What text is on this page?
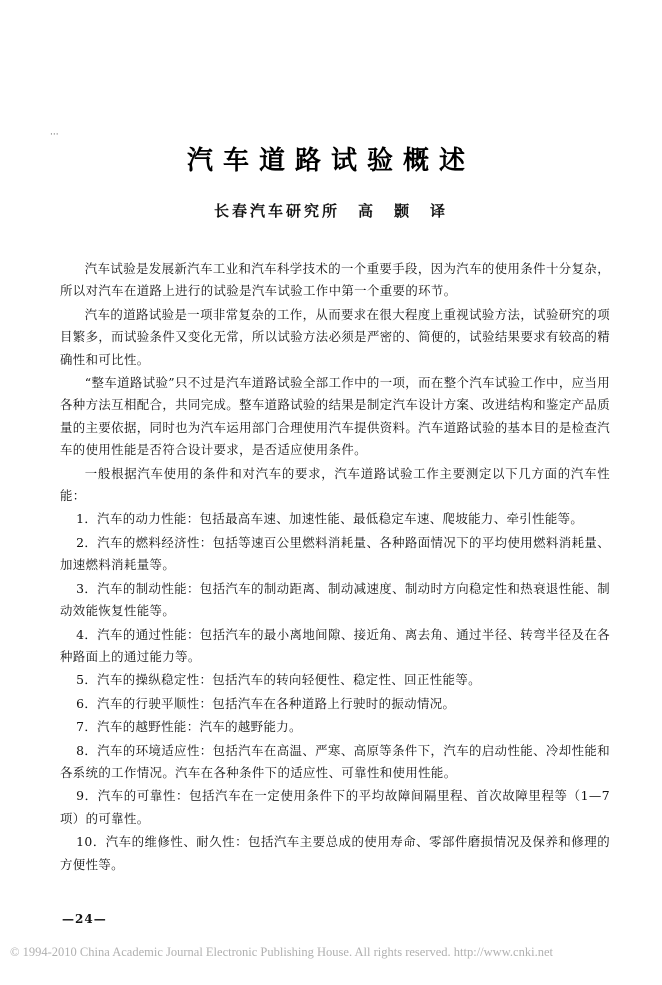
···
汽车道路试验概述
长春汽车研究所　高　颢　译

汽车试验是发展新汽车工业和汽车科学技术的一个重要手段，因为汽车的使用条件十分复杂，所以对汽车在道路上进行的试验是汽车试验工作中第一个重要的环节。

汽车的道路试验是一项非常复杂的工作，从而要求在很大程度上重视试验方法，试验研究的项目繁多，而试验条件又变化无常，所以试验方法必须是严密的、简便的，试验结果要求有较高的精确性和可比性。

“整车道路试验”只不过是汽车道路试验全部工作中的一项，而在整个汽车试验工作中，应当用各种方法互相配合，共同完成。整车道路试验的结果是制定汽车设计方案、改进结构和鉴定产品质量的主要依据，同时也为汽车运用部门合理使用汽车提供资料。汽车道路试验的基本目的是检查汽车的使用性能是否符合设计要求，是否适应使用条件。

一般根据汽车使用的条件和对汽车的要求，汽车道路试验工作主要测定以下几方面的汽车性能：

1．汽车的动力性能：包括最高车速、加速性能、最低稳定车速、爬坡能力、牵引性能等。

2．汽车的燃料经济性：包括等速百公里燃料消耗量、各种路面情况下的平均使用燃料消耗量、加速燃料消耗量等。

3．汽车的制动性能：包括汽车的制动距离、制动减速度、制动时方向稳定性和热衰退性能、制动效能恢复性能等。

4．汽车的通过性能：包括汽车的最小离地间隙、接近角、离去角、通过半径、转弯半径及在各种路面上的通过能力等。

5．汽车的操纵稳定性：包括汽车的转向轻便性、稳定性、回正性能等。

6．汽车的行驶平顺性：包括汽车在各种道路上行驶时的振动情况。

7．汽车的越野性能：汽车的越野能力。

8．汽车的环境适应性：包括汽车在高温、严寒、高原等条件下，汽车的启动性能、冷却性能和各系统的工作情况。汽车在各种条件下的适应性、可靠性和使用性能。

9．汽车的可靠性：包括汽车在一定使用条件下的平均故障间隔里程、首次故障里程等（1—7项）的可靠性。

10．汽车的维修性、耐久性：包括汽车主要总成的使用寿命、零部件磨损情况及保养和修理的方便性等。

—24—
© 1994-2010 China Academic Journal Electronic Publishing House. All rights reserved. http://www.cnki.net
